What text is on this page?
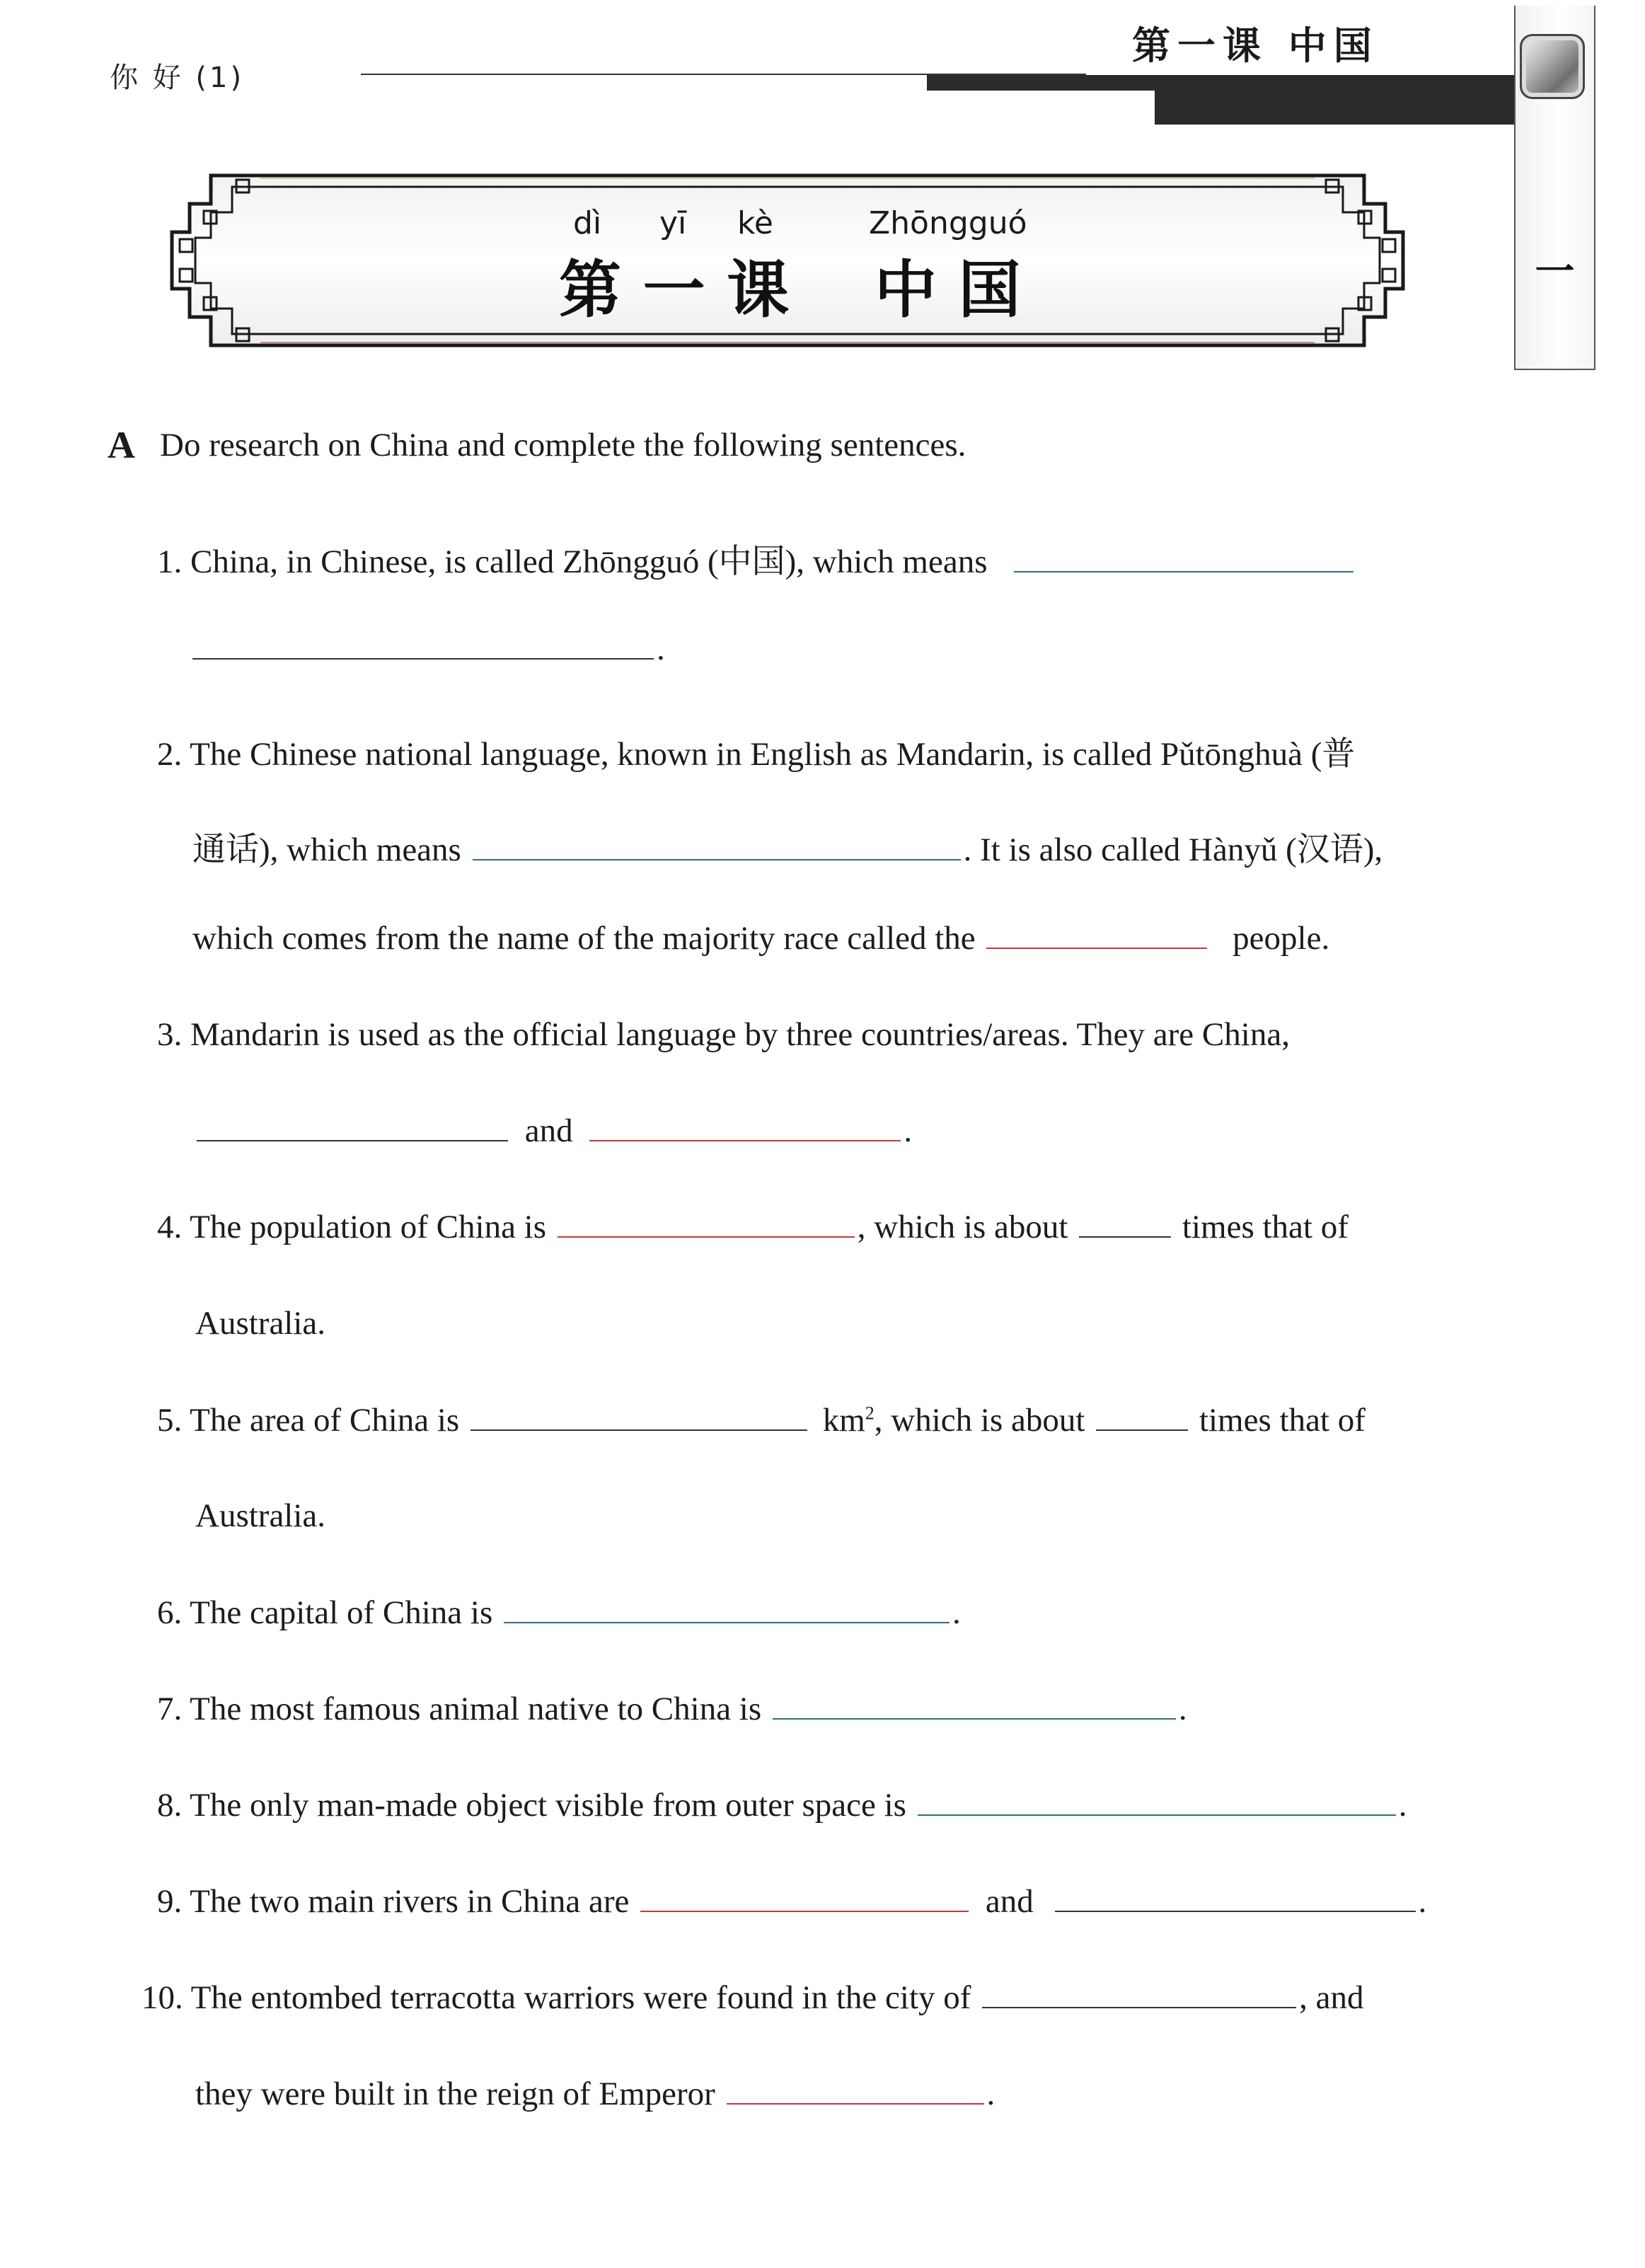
你 好 (1)
第一课 中国
一
dì yī kè	Zhōngguó
第 一 课 中 国
A Do research on China and complete the following sentences.
1. China, in Chinese, is called Zhōngguó (中国), which means
.
2. The Chinese national language, known in English as Mandarin, is called Pǔtōnghuà (普
通话), which means	. It is also called Hànyǔ (汉语),
which comes from the name of the majority race called the	people.
3. Mandarin is used as the official language by three countries/areas. They are China,
and	.
4. The population of China is	, which is about	times that of
Australia.
5. The area of China is	$km^2$, which is about	times that of
Australia.
6. The capital of China is	.
7. The most famous animal native to China is	.
8. The only man-made object visible from outer space is	.
9. The two main rivers in China are	and	.
10. The entombed terracotta warriors were found in the city of	, and
they were built in the reign of Emperor	.
